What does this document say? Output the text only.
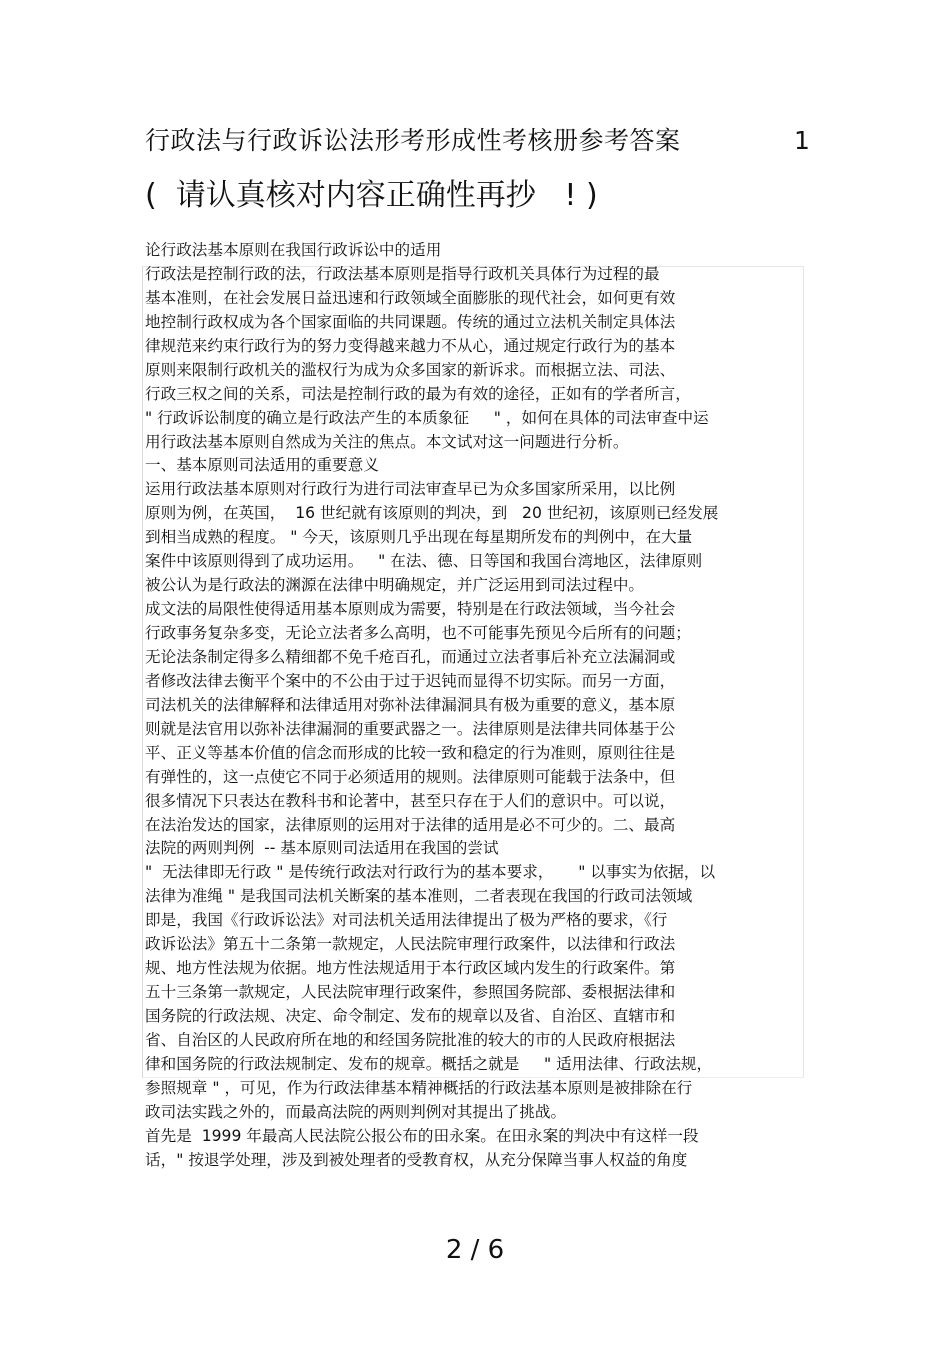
行政法与行政诉讼法形考形成性考核册参考答案	1
(  请认真核对内容正确性再抄   ! )
论行政法基本原则在我国行政诉讼中的适用
行政法是控制行政的法，行政法基本原则是指导行政机关具体行为过程的最
基本准则，在社会发展日益迅速和行政领域全面膨胀的现代社会，如何更有效
地控制行政权成为各个国家面临的共同课题。传统的通过立法机关制定具体法
律规范来约束行政行为的努力变得越来越力不从心，通过规定行政行为的基本
原则来限制行政机关的滥权行为成为众多国家的新诉求。而根据立法、司法、
行政三权之间的关系，司法是控制行政的最为有效的途径，正如有的学者所言，
" 行政诉讼制度的确立是行政法产生的本质象征     " ，如何在具体的司法审查中运
用行政法基本原则自然成为关注的焦点。本文试对这一问题进行分析。
一、基本原则司法适用的重要意义
运用行政法基本原则对行政行为进行司法审查早已为众多国家所采用，以比例
原则为例，在英国，  16 世纪就有该原则的判决，到   20 世纪初，该原则已经发展
到相当成熟的程度。 " 今天，该原则几乎出现在每星期所发布的判例中，在大量
案件中该原则得到了成功运用。   " 在法、德、日等国和我国台湾地区，法律原则
被公认为是行政法的渊源在法律中明确规定，并广泛运用到司法过程中。
成文法的局限性使得适用基本原则成为需要，特别是在行政法领域，当今社会
行政事务复杂多变，无论立法者多么高明，也不可能事先预见今后所有的问题；
无论法条制定得多么精细都不免千疮百孔，而通过立法者事后补充立法漏洞或
者修改法律去衡平个案中的不公由于过于迟钝而显得不切实际。而另一方面，
司法机关的法律解释和法律适用对弥补法律漏洞具有极为重要的意义，基本原
则就是法官用以弥补法律漏洞的重要武器之一。法律原则是法律共同体基于公
平、正义等基本价值的信念而形成的比较一致和稳定的行为准则，原则往往是
有弹性的，这一点使它不同于必须适用的规则。法律原则可能载于法条中，但
很多情况下只表达在教科书和论著中，甚至只存在于人们的意识中。可以说，
在法治发达的国家，法律原则的运用对于法律的适用是必不可少的。二、最高
法院的两则判例  -- 基本原则司法适用在我国的尝试
"  无法律即无行政 " 是传统行政法对行政行为的基本要求，     " 以事实为依据，以
法律为准绳 " 是我国司法机关断案的基本准则，二者表现在我国的行政司法领域
即是，我国《行政诉讼法》对司法机关适用法律提出了极为严格的要求，《行
政诉讼法》第五十二条第一款规定，人民法院审理行政案件，以法律和行政法
规、地方性法规为依据。地方性法规适用于本行政区域内发生的行政案件。第
五十三条第一款规定，人民法院审理行政案件，参照国务院部、委根据法律和
国务院的行政法规、决定、命令制定、发布的规章以及省、自治区、直辖市和
省、自治区的人民政府所在地的和经国务院批准的较大的市的人民政府根据法
律和国务院的行政法规制定、发布的规章。概括之就是     " 适用法律、行政法规，
参照规章 " ，可见，作为行政法律基本精神概括的行政法基本原则是被排除在行
政司法实践之外的，而最高法院的两则判例对其提出了挑战。
首先是  1999 年最高人民法院公报公布的田永案。在田永案的判决中有这样一段
话，" 按退学处理，涉及到被处理者的受教育权，从充分保障当事人权益的角度
2 / 6
